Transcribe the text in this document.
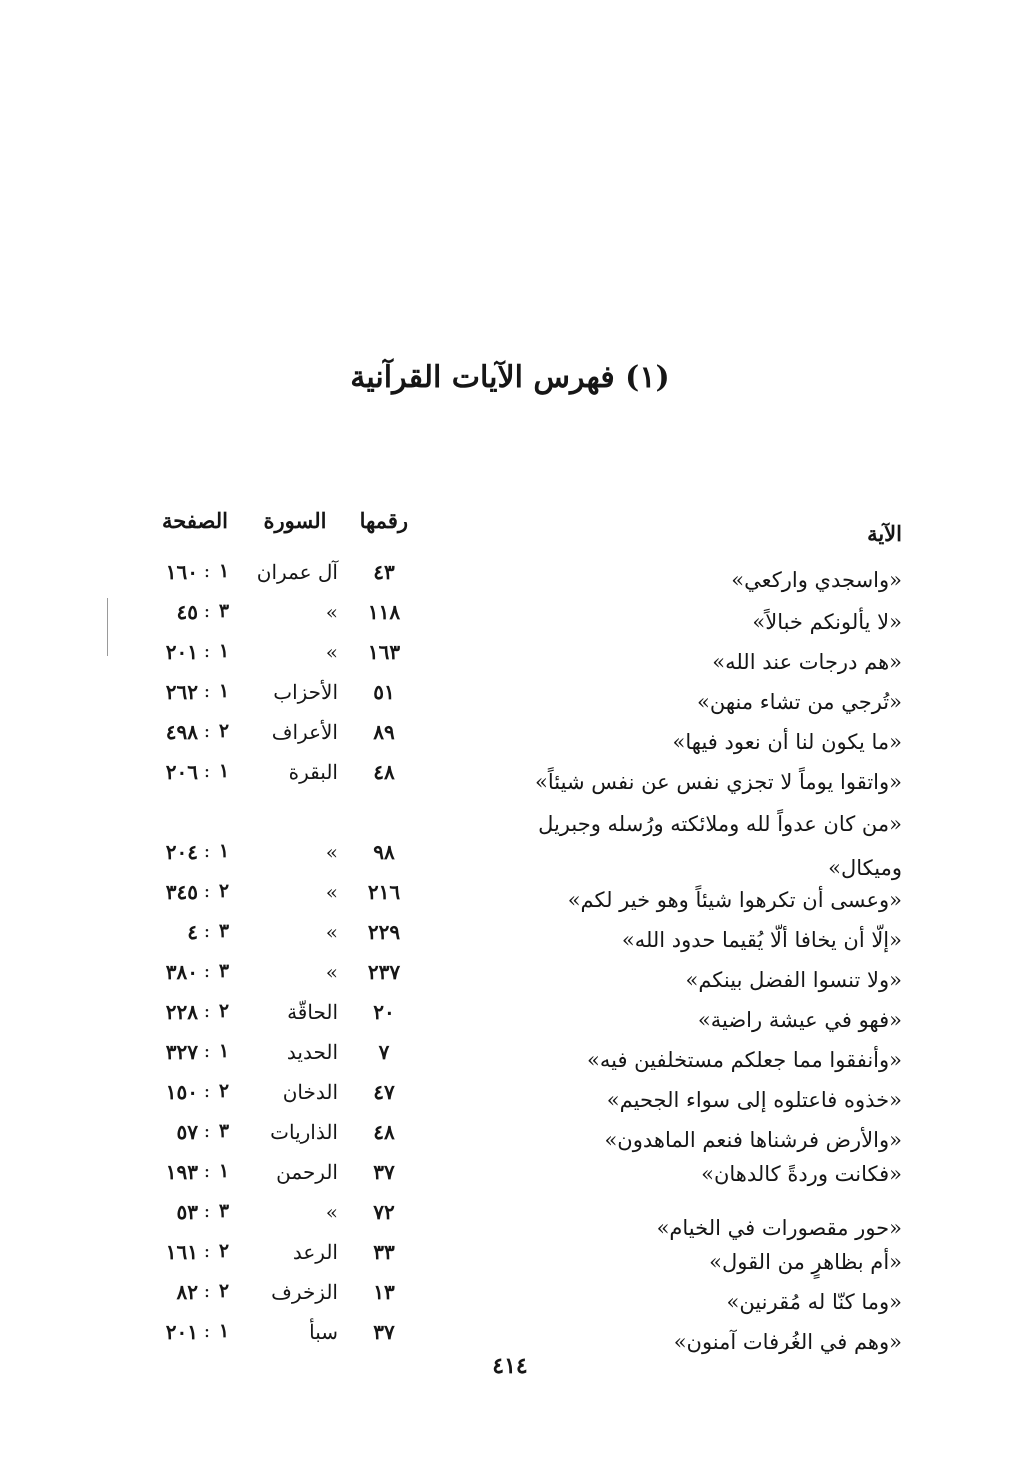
(١) فهرس الآيات القرآنية
الآية
رقمها
السورة
الصفحة
«واسجدي واركعي»
٤٣
آل عمران
١
١٦٠ :
«لا يألونكم خبالاً»
١١٨
»
٣
٤٥ :
«هم درجات عند الله»
١٦٣
»
١
٢٠١ :
«تُرجي من تشاء منهن»
٥١
الأحزاب
١
٢٦٢ :
«ما يكون لنا أن نعود فيها»
٨٩
الأعراف
٢
٤٩٨ :
«واتقوا يوماً لا تجزي نفس عن نفس شيئاً»
٤٨
البقرة
١
٢٠٦ :
«من كان عدواً لله وملائكته ورُسله وجبريل
وميكال»
٩٨
»
١
٢٠٤ :
«وعسى أن تكرهوا شيئاً وهو خير لكم»
٢١٦
»
٢
٣٤٥ :
«إلّا أن يخافا ألّا يُقيما حدود الله»
٢٢٩
»
٣
٤ :
«ولا تنسوا الفضل بينكم»
٢٣٧
»
٣
٣٨٠ :
«فهو في عيشة راضية»
٢٠
الحاقّة
٢
٢٢٨ :
«وأنفقوا مما جعلكم مستخلفين فيه»
٧
الحديد
١
٣٢٧ :
«خذوه فاعتلوه إلى سواء الجحيم»
٤٧
الدخان
٢
١٥٠ :
«والأرض فرشناها فنعم الماهدون»
٤٨
الذاريات
٣
٥٧ :
«فكانت وردةً كالدهان»
٣٧
الرحمن
١
١٩٣ :
«حور مقصورات في الخيام»
٧٢
»
٣
٥٣ :
«أم بظاهرٍ من القول»
٣٣
الرعد
٢
١٦١ :
«وما كنّا له مُقرنين»
١٣
الزخرف
٢
٨٢ :
«وهم في الغُرفات آمنون»
٣٧
سبأ
١
٢٠١ :
٤١٤
